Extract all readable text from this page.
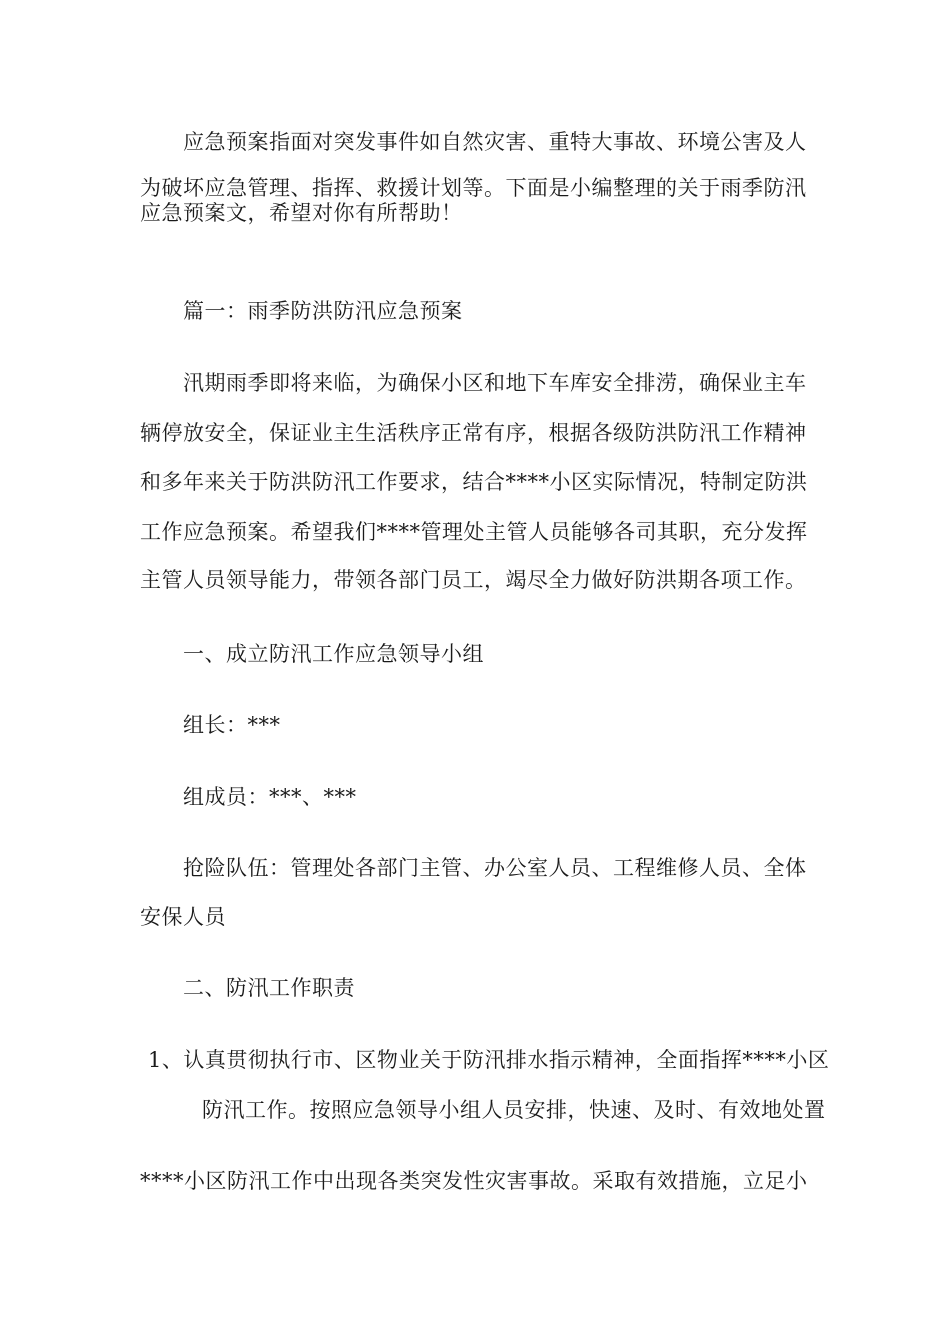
应急预案指面对突发事件如自然灾害、重特大事故、环境公害及人
为破坏应急管理、指挥、救援计划等。下面是小编整理的关于雨季防汛
应急预案文，希望对你有所帮助！
篇一：雨季防洪防汛应急预案
汛期雨季即将来临，为确保小区和地下车库安全排涝，确保业主车
辆停放安全，保证业主生活秩序正常有序，根据各级防洪防汛工作精神
和多年来关于防洪防汛工作要求，结合****小区实际情况，特制定防洪
工作应急预案。希望我们****管理处主管人员能够各司其职，充分发挥
主管人员领导能力，带领各部门员工，竭尽全力做好防洪期各项工作。
一、成立防汛工作应急领导小组
组长：***
组成员：***、***
抢险队伍：管理处各部门主管、办公室人员、工程维修人员、全体
安保人员
二、防汛工作职责
1、认真贯彻执行市、区物业关于防汛排水指示精神，全面指挥****小区
防汛工作。按照应急领导小组人员安排，快速、及时、有效地处置
****小区防汛工作中出现各类突发性灾害事故。采取有效措施，立足小
